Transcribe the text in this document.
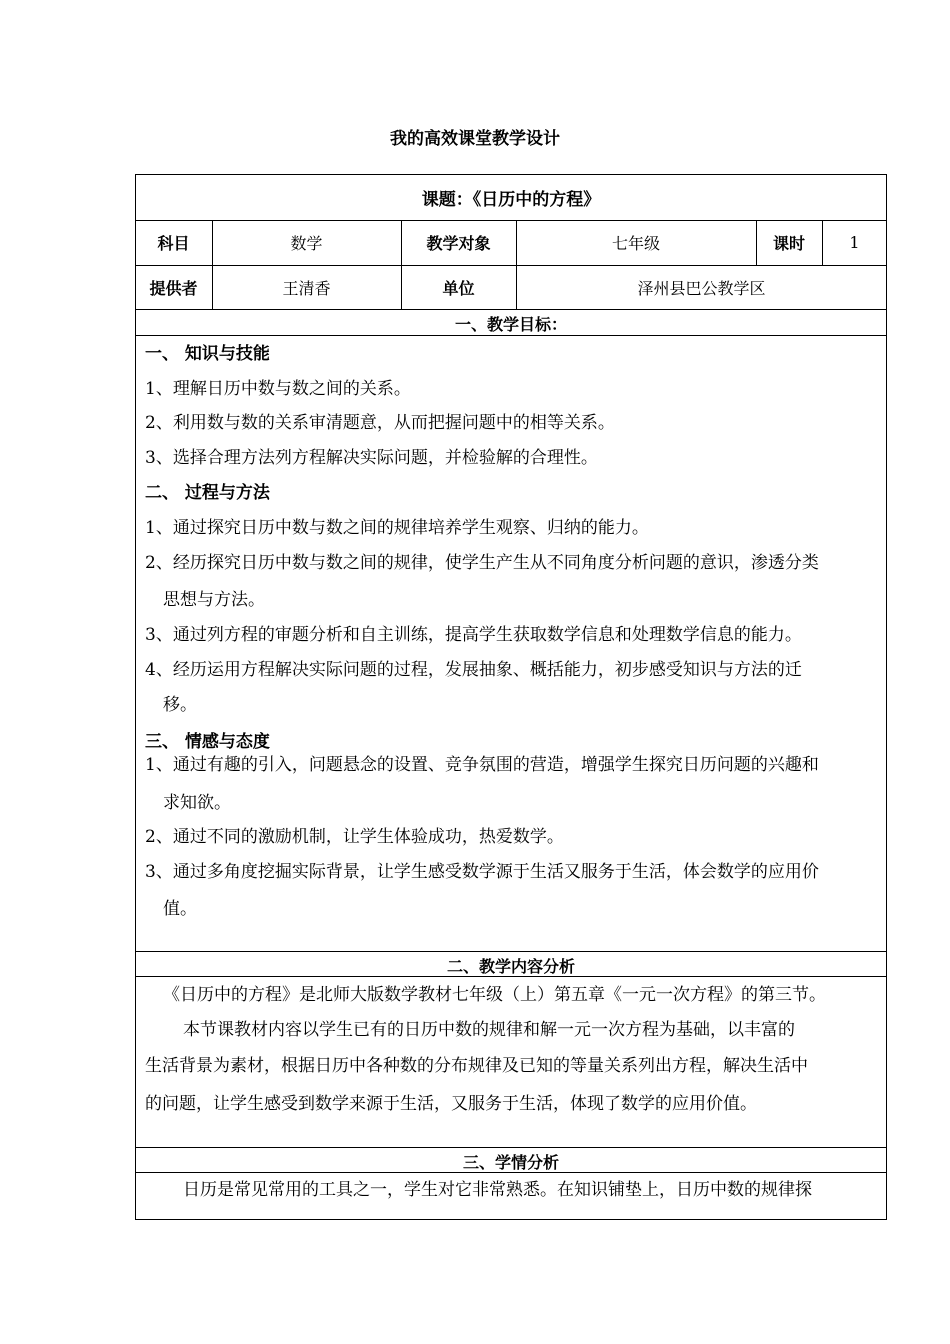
我的高效课堂教学设计
课题：《日历中的方程》
科目	数学	教学对象	七年级	课时	1
提供者	王清香	单位	泽州县巴公教学区
一、教学目标：
一、 知识与技能
1、理解日历中数与数之间的关系。
2、利用数与数的关系审清题意，从而把握问题中的相等关系。
3、选择合理方法列方程解决实际问题，并检验解的合理性。
二、 过程与方法
1、通过探究日历中数与数之间的规律培养学生观察、归纳的能力。
2、经历探究日历中数与数之间的规律，使学生产生从不同角度分析问题的意识，渗透分类
思想与方法。
3、通过列方程的审题分析和自主训练，提高学生获取数学信息和处理数学信息的能力。
4、经历运用方程解决实际问题的过程，发展抽象、概括能力，初步感受知识与方法的迁
移。
三、 情感与态度
1、通过有趣的引入，问题悬念的设置、竞争氛围的营造，增强学生探究日历问题的兴趣和
求知欲。
2、通过不同的激励机制，让学生体验成功，热爱数学。
3、通过多角度挖掘实际背景，让学生感受数学源于生活又服务于生活，体会数学的应用价
值。
二、教学内容分析
《日历中的方程》是北师大版数学教材七年级（上）第五章《一元一次方程》的第三节。
本节课教材内容以学生已有的日历中数的规律和解一元一次方程为基础，以丰富的
生活背景为素材，根据日历中各种数的分布规律及已知的等量关系列出方程，解决生活中
的问题，让学生感受到数学来源于生活，又服务于生活，体现了数学的应用价值。
三、学情分析
日历是常见常用的工具之一，学生对它非常熟悉。在知识铺垫上，日历中数的规律探
